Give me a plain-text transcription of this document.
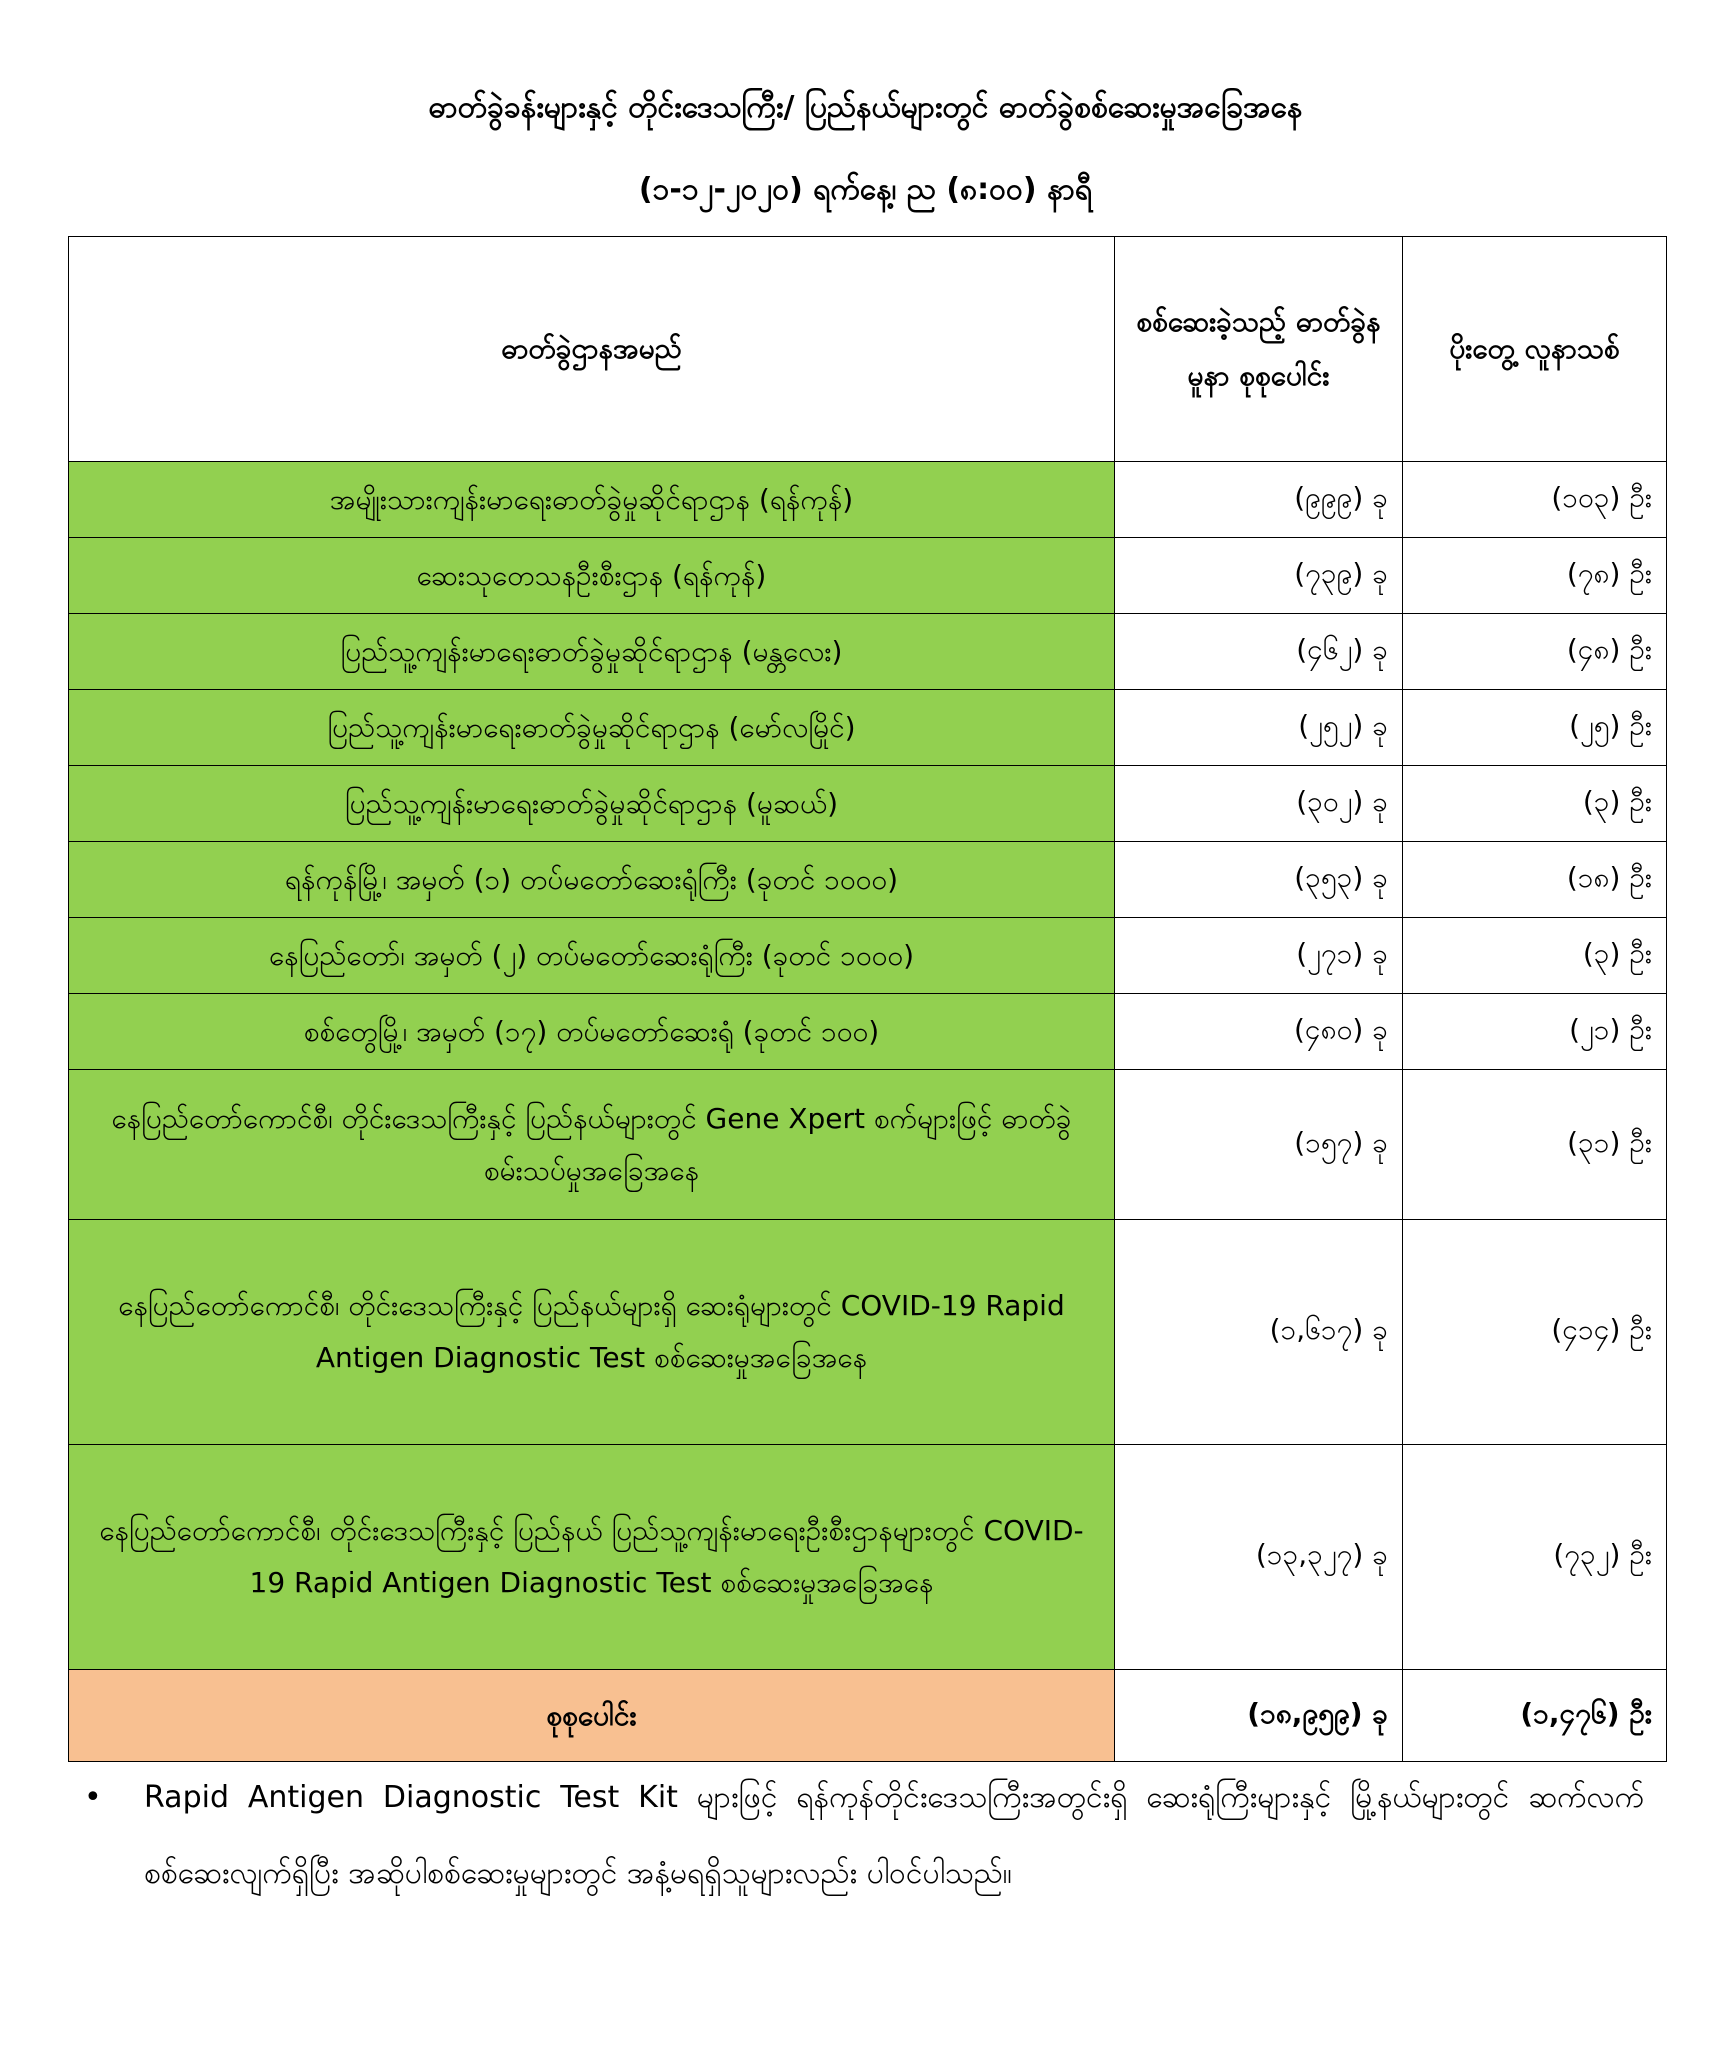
ဓာတ်ခွဲခန်းများနှင့် တိုင်းဒေသကြီး/ ပြည်နယ်များတွင် ဓာတ်ခွဲစစ်ဆေးမှုအခြေအနေ
(၁-၁၂-၂၀၂၀) ရက်နေ့၊ ည (၈:၀၀) နာရီ
ဓာတ်ခွဲဌာနအမည်	စစ်ဆေးခဲ့သည့် ဓာတ်ခွဲနမူနာ စုစုပေါင်း	ပိုးတွေ့ လူနာသစ်
အမျိုးသားကျန်းမာရေးဓာတ်ခွဲမှုဆိုင်ရာဌာန (ရန်ကုန်)	(၉၉၉) ခု	(၁၀၃) ဦး
ဆေးသုတေသနဦးစီးဌာန (ရန်ကုန်)	(၇၃၉) ခု	(၇၈) ဦး
ပြည်သူ့ကျန်းမာရေးဓာတ်ခွဲမှုဆိုင်ရာဌာန (မန္တလေး)	(၄၆၂) ခု	(၄၈) ဦး
ပြည်သူ့ကျန်းမာရေးဓာတ်ခွဲမှုဆိုင်ရာဌာန (မော်လမြိုင်)	(၂၅၂) ခု	(၂၅) ဦး
ပြည်သူ့ကျန်းမာရေးဓာတ်ခွဲမှုဆိုင်ရာဌာန (မူဆယ်)	(၃၀၂) ခု	(၃) ဦး
ရန်ကုန်မြို့၊ အမှတ် (၁) တပ်မတော်ဆေးရုံကြီး (ခုတင် ၁၀၀၀)	(၃၅၃) ခု	(၁၈) ဦး
နေပြည်တော်၊ အမှတ် (၂) တပ်မတော်ဆေးရုံကြီး (ခုတင် ၁၀၀၀)	(၂၇၁) ခု	(၃) ဦး
စစ်တွေမြို့၊ အမှတ် (၁၇) တပ်မတော်ဆေးရုံ (ခုတင် ၁၀၀)	(၄၈၀) ခု	(၂၁) ဦး
နေပြည်တော်ကောင်စီ၊ တိုင်းဒေသကြီးနှင့် ပြည်နယ်များတွင် Gene Xpert စက်များဖြင့် ဓာတ်ခွဲစမ်းသပ်မှုအခြေအနေ	(၁၅၇) ခု	(၃၁) ဦး
နေပြည်တော်ကောင်စီ၊ တိုင်းဒေသကြီးနှင့် ပြည်နယ်များရှိ ဆေးရုံများတွင် COVID-19 Rapid Antigen Diagnostic Test စစ်ဆေးမှုအခြေအနေ	(၁,၆၁၇) ခု	(၄၁၄) ဦး
နေပြည်တော်ကောင်စီ၊ တိုင်းဒေသကြီးနှင့် ပြည်နယ် ပြည်သူ့ကျန်းမာရေးဦးစီးဌာနများတွင် COVID-19 Rapid Antigen Diagnostic Test စစ်ဆေးမှုအခြေအနေ	(၁၃,၃၂၇) ခု	(၇၃၂) ဦး
စုစုပေါင်း	(၁၈,၉၅၉) ခု	(၁,၄၇၆) ဦး
•	Rapid Antigen Diagnostic Test Kit များဖြင့် ရန်ကုန်တိုင်းဒေသကြီးအတွင်းရှိ ဆေးရုံကြီးများနှင့် မြို့နယ်များတွင် ဆက်လက်စစ်ဆေးလျက်ရှိပြီး အဆိုပါစစ်ဆေးမှုများတွင် အနံ့မရရှိသူများလည်း ပါဝင်ပါသည်။
